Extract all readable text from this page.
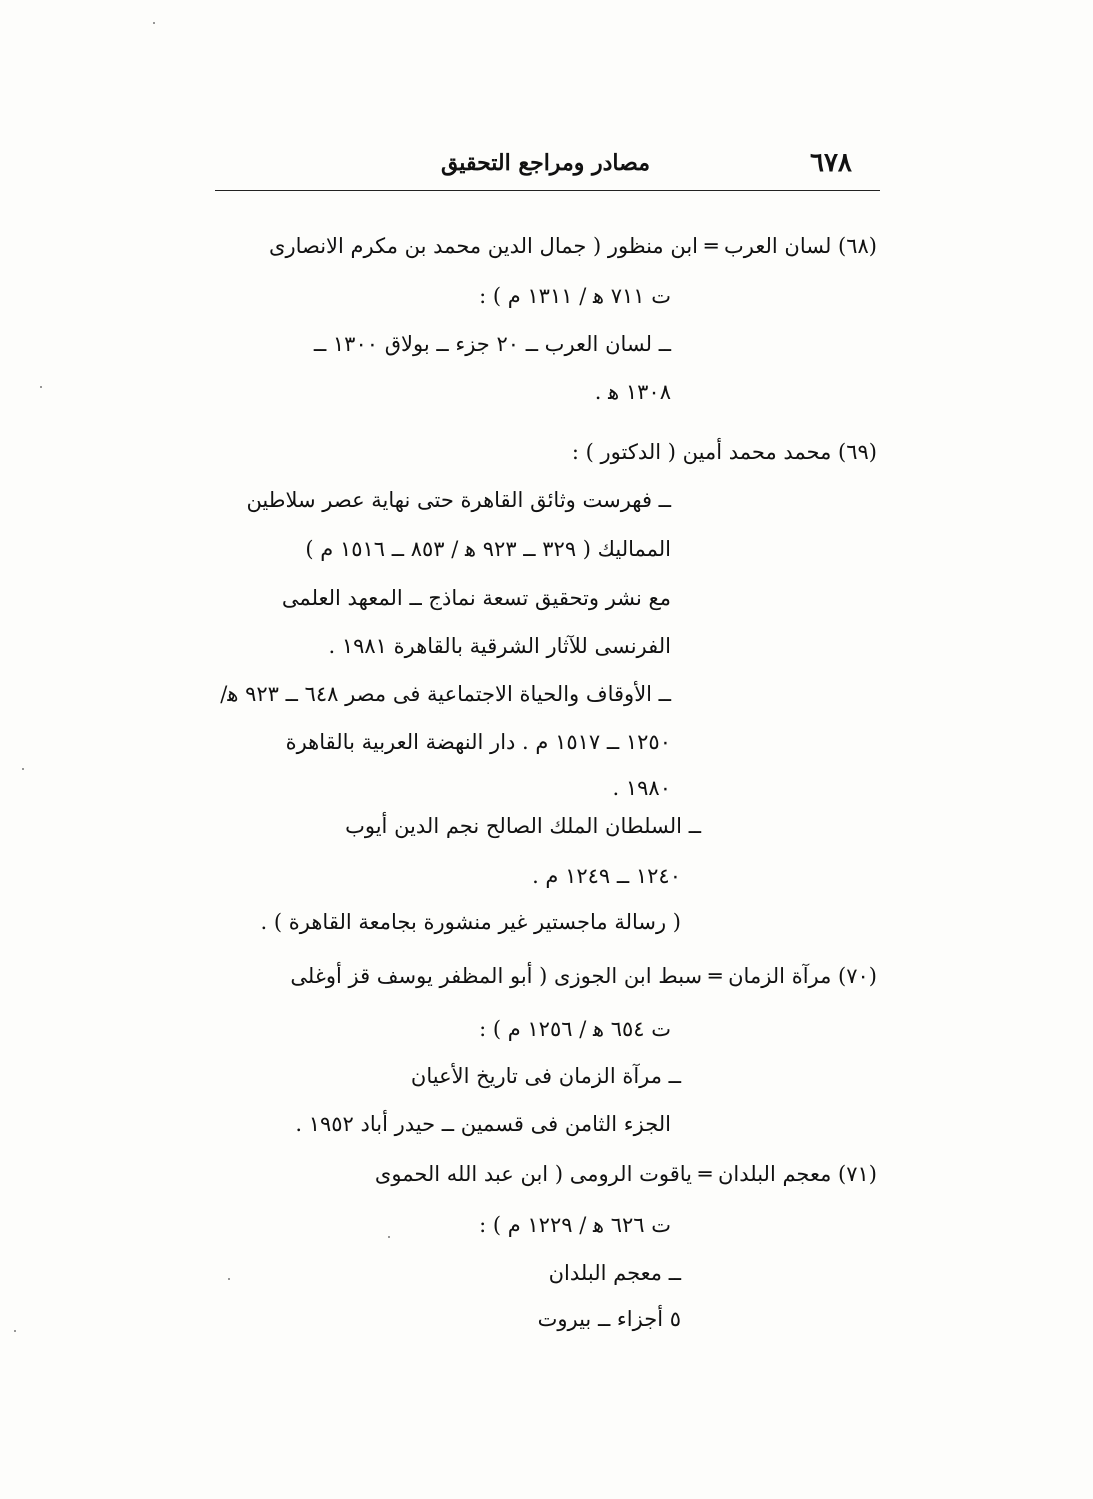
٦٧٨
مصادر ومراجع التحقيق
(٦٨) لسان العرب ═ ابن منظور ( جمال الدين محمد بن مكرم الانصارى
ت ٧١١ ﻫ / ١٣١١ م ) :
ــ لسان العرب ــ ٢٠ جزء ــ بولاق ١٣٠٠ ــ
١٣٠٨ ﻫ .
(٦٩) محمد محمد أمين ( الدكتور ) :
ــ فهرست وثائق القاهرة حتى نهاية عصر سلاطين
المماليك ( ٣٢٩ ــ ٩٢٣ ﻫ / ٨٥٣ ــ ١٥١٦ م )
مع نشر وتحقيق تسعة نماذج ــ المعهد العلمى
الفرنسى للآثار الشرقية بالقاهرة ١٩٨١ .
ــ الأوقاف والحياة الاجتماعية فى مصر ٦٤٨ ــ ٩٢٣ ﻫ/
١٢٥٠ ــ ١٥١٧ م . دار النهضة العربية بالقاهرة
١٩٨٠ .
ــ السلطان الملك الصالح نجم الدين أيوب
١٢٤٠ ــ ١٢٤٩ م .
( رسالة ماجستير غير منشورة بجامعة القاهرة ) .
(٧٠) مرآة الزمان ═ سبط ابن الجوزى ( أبو المظفر يوسف قز أوغلى
ت ٦٥٤ ﻫ / ١٢٥٦ م ) :
ــ مرآة الزمان فى تاريخ الأعيان
الجزء الثامن فى قسمين ــ حيدر أباد ١٩٥٢ .
(٧١) معجم البلدان ═ ياقوت الرومى ( ابن عبد الله الحموى
ت ٦٢٦ ﻫ / ١٢٢٩ م ) :
ــ معجم البلدان
٥ أجزاء ــ بيروت
